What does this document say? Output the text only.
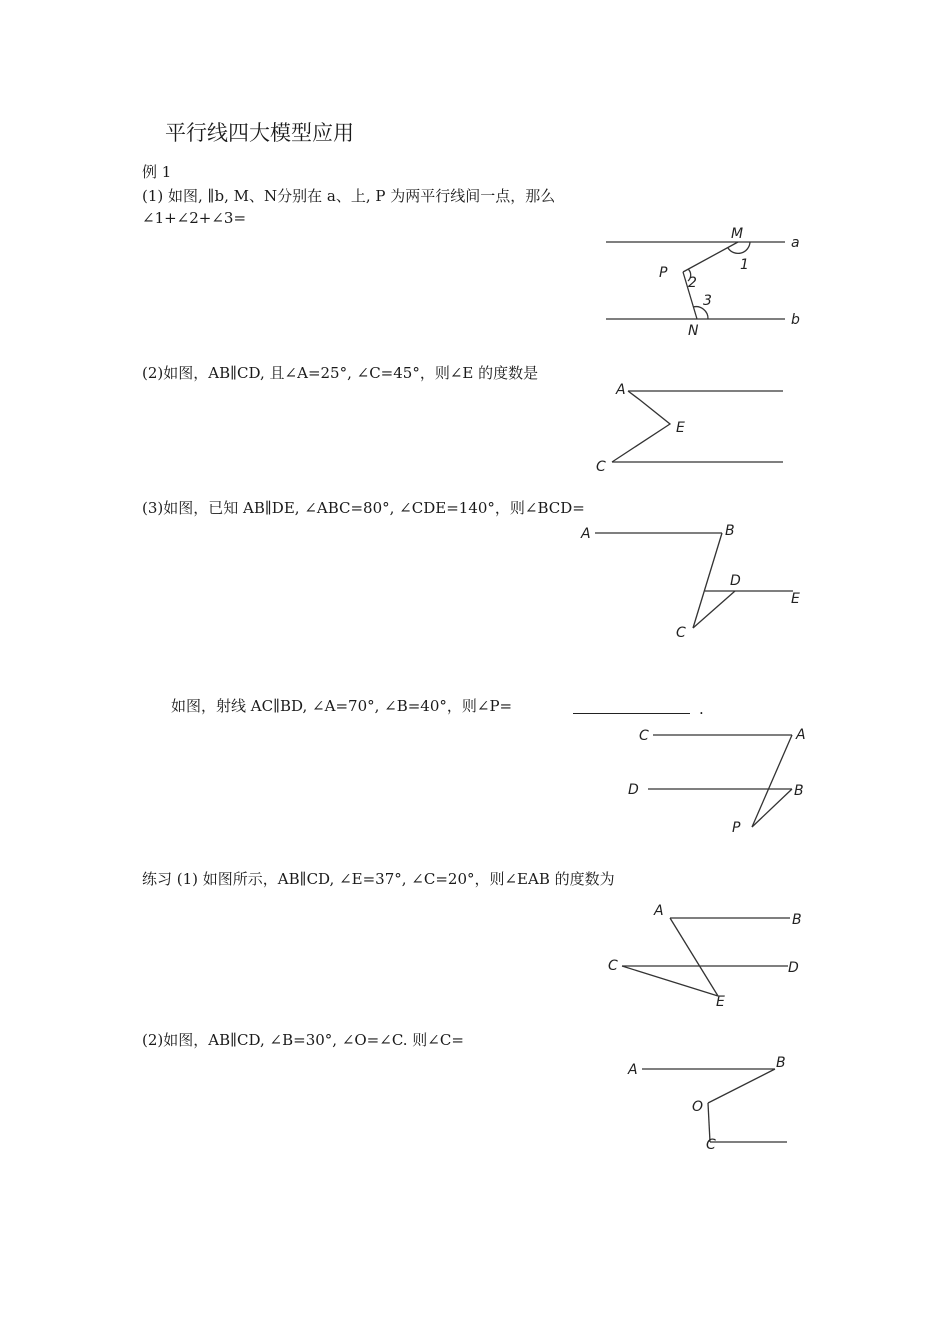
平行线四大模型应用
例 1
(1) 如图, ∥b, M、N分别在 a、上, P 为两平行线间一点，那么
∠1+∠2+∠3=
a
b
M
N
P	1
2
3
(2)如图，AB∥CD, 且∠A=25°, ∠C=45°，则∠E 的度数是
A
E
C
(3)如图，已知 AB∥DE, ∠ABC=80°, ∠CDE=140°，则∠BCD=
A	B
C
D
E
如图，射线 AC∥BD, ∠A=70°, ∠B=40°，则∠P=	.
C	A
D	B
P
练习 (1) 如图所示，AB∥CD, ∠E=37°, ∠C=20°，则∠EAB 的度数为
A
B
C	D
E
(2)如图，AB∥CD, ∠B=30°, ∠O=∠C. 则∠C=
A	B
O
C
